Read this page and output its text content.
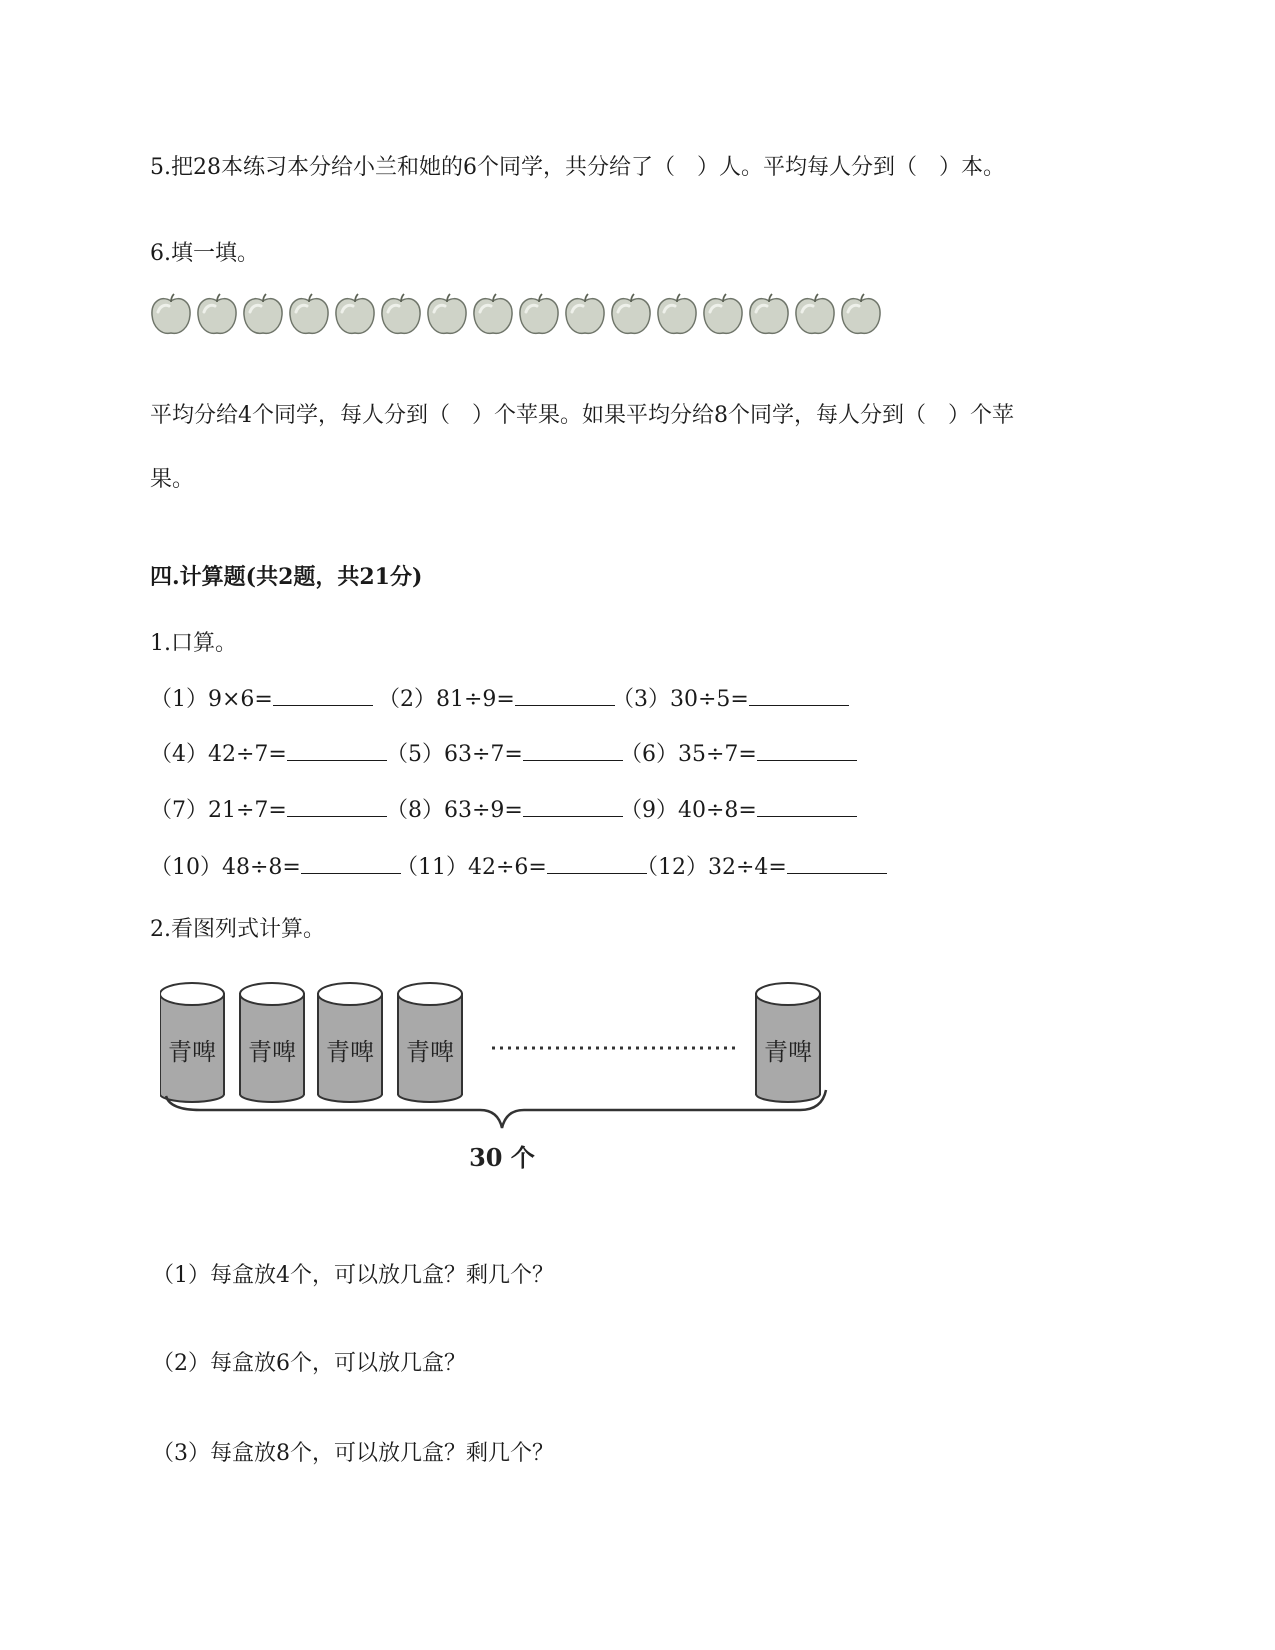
5.把28本练习本分给小兰和她的6个同学，共分给了（　）人。平均每人分到（　）本。
6.填一填。
平均分给4个同学，每人分到（　）个苹果。如果平均分给8个同学，每人分到（　）个苹
果。
四.计算题(共2题，共21分)
1.口算。
（1）9×6=	（2）81÷9=	（3）30÷5=
（4）42÷7=	（5）63÷7=	（6）35÷7=
（7）21÷7=	（8）63÷9=	（9）40÷8=
（10）48÷8=	（11）42÷6=	（12）32÷4=
2.看图列式计算。
青啤 青啤 青啤 青啤	青啤
30 个
（1）每盒放4个，可以放几盒？剩几个？
（2）每盒放6个，可以放几盒？
（3）每盒放8个，可以放几盒？剩几个？
